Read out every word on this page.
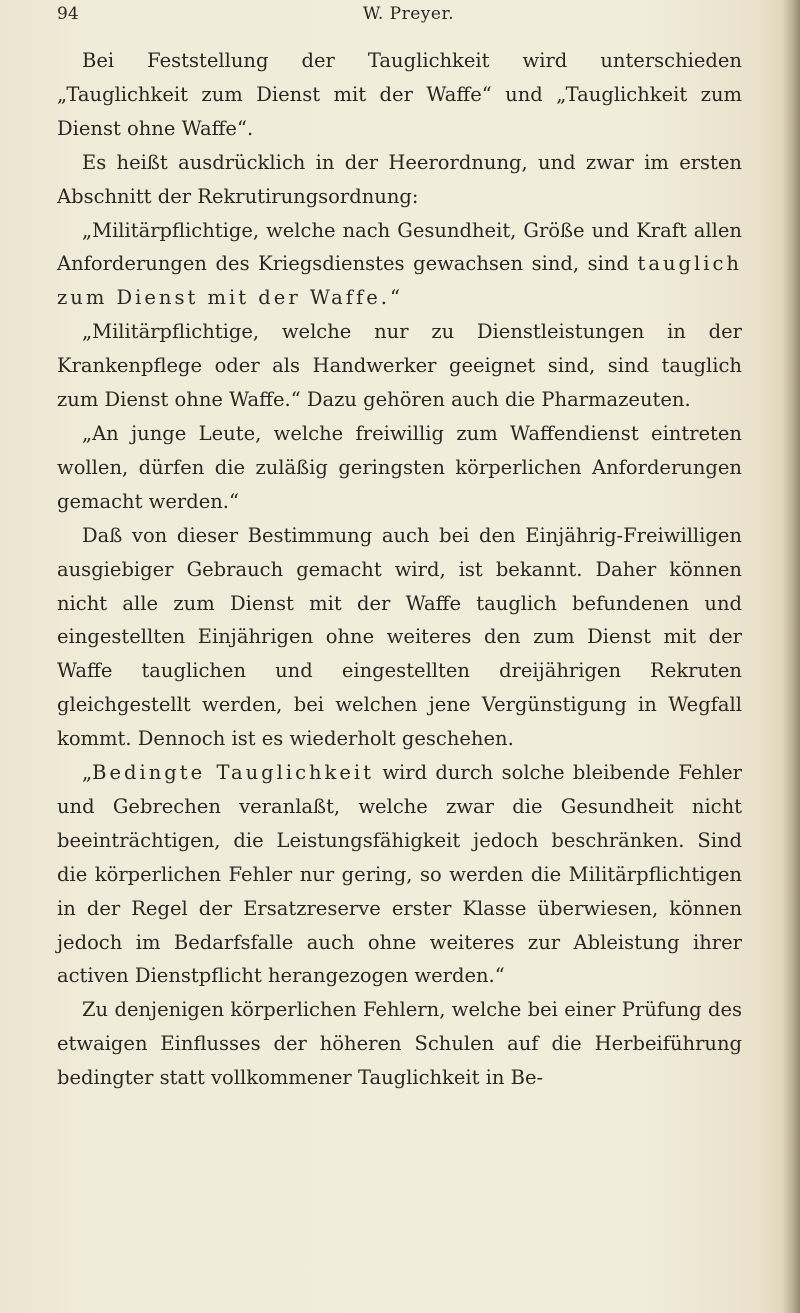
94	W. Preyer.

Bei Feststellung der Tauglichkeit wird unterschieden „Tauglichkeit zum Dienst mit der Waffe“ und „Tauglichkeit zum Dienst ohne Waffe“.

Es heißt ausdrücklich in der Heerordnung, und zwar im ersten Abschnitt der Rekrutirungsordnung:

„Militärpflichtige, welche nach Gesundheit, Größe und Kraft allen Anforderungen des Kriegsdienstes gewachsen sind, sind tauglich zum Dienst mit der Waffe.“

„Militärpflichtige, welche nur zu Dienstleistungen in der Krankenpflege oder als Handwerker geeignet sind, sind tauglich zum Dienst ohne Waffe.“ Dazu gehören auch die Pharmazeuten.

„An junge Leute, welche freiwillig zum Waffendienst eintreten wollen, dürfen die zuläßig geringsten körperlichen Anforderungen gemacht werden.“

Daß von dieser Bestimmung auch bei den Einjährig-Freiwilligen ausgiebiger Gebrauch gemacht wird, ist bekannt. Daher können nicht alle zum Dienst mit der Waffe tauglich befundenen und eingestellten Einjährigen ohne weiteres den zum Dienst mit der Waffe tauglichen und eingestellten dreijährigen Rekruten gleichgestellt werden, bei welchen jene Vergünstigung in Wegfall kommt. Dennoch ist es wiederholt geschehen.

„Bedingte Tauglichkeit wird durch solche bleibende Fehler und Gebrechen veranlaßt, welche zwar die Gesundheit nicht beeinträchtigen, die Leistungsfähigkeit jedoch beschränken. Sind die körperlichen Fehler nur gering, so werden die Militärpflichtigen in der Regel der Ersatzreserve erster Klasse überwiesen, können jedoch im Bedarfsfalle auch ohne weiteres zur Ableistung ihrer activen Dienstpflicht herangezogen werden.“

Zu denjenigen körperlichen Fehlern, welche bei einer Prüfung des etwaigen Einflusses der höheren Schulen auf die Herbeiführung bedingter statt vollkommener Tauglichkeit in Be-
